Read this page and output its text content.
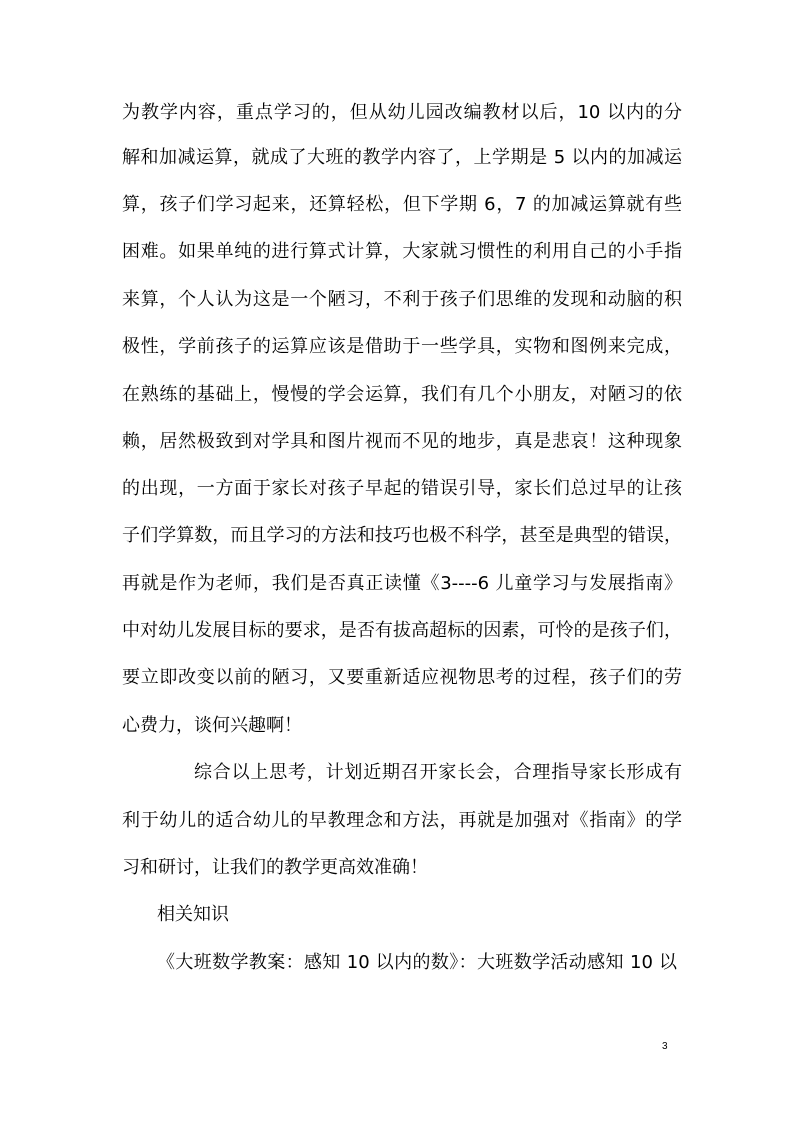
为教学内容，重点学习的，但从幼儿园改编教材以后，10 以内的分
解和加减运算，就成了大班的教学内容了，上学期是 5 以内的加减运
算，孩子们学习起来，还算轻松，但下学期 6，7 的加减运算就有些
困难。如果单纯的进行算式计算，大家就习惯性的利用自己的小手指
来算，个人认为这是一个陋习，不利于孩子们思维的发现和动脑的积
极性，学前孩子的运算应该是借助于一些学具，实物和图例来完成，
在熟练的基础上，慢慢的学会运算，我们有几个小朋友，对陋习的依
赖，居然极致到对学具和图片视而不见的地步，真是悲哀！这种现象
的出现，一方面于家长对孩子早起的错误引导，家长们总过早的让孩
子们学算数，而且学习的方法和技巧也极不科学，甚至是典型的错误，
再就是作为老师，我们是否真正读懂《3----6 儿童学习与发展指南》
中对幼儿发展目标的要求，是否有拔高超标的因素，可怜的是孩子们，
要立即改变以前的陋习，又要重新适应视物思考的过程，孩子们的劳
心费力，谈何兴趣啊！
综合以上思考，计划近期召开家长会，合理指导家长形成有
利于幼儿的适合幼儿的早教理念和方法，再就是加强对《指南》的学
习和研讨，让我们的教学更高效准确！
相关知识
《大班数学教案：感知 10 以内的数》：大班数学活动感知 10 以
3
